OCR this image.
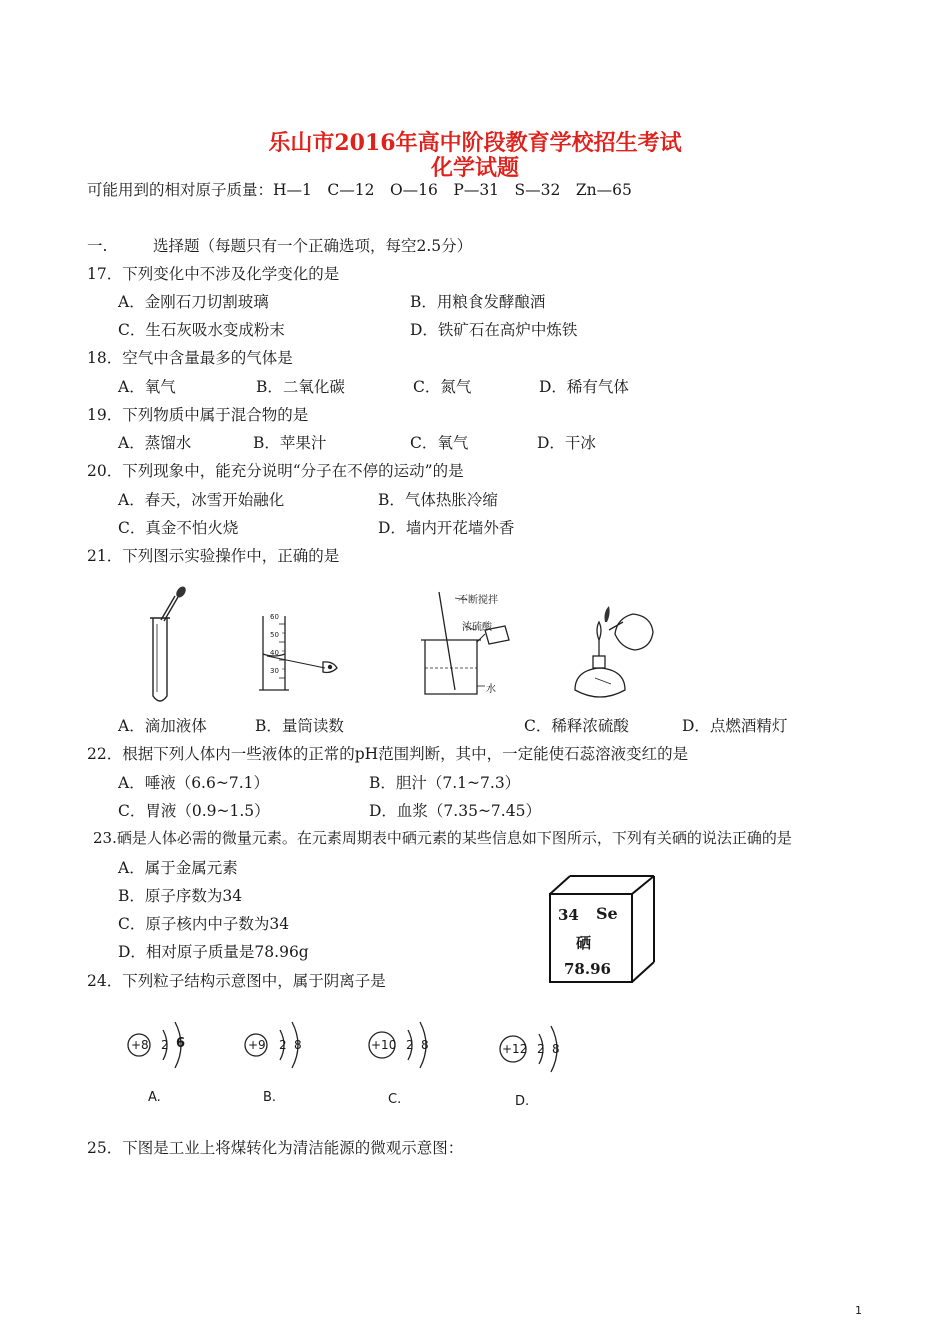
乐山市2016年高中阶段教育学校招生考试
化学试题
可能用到的相对原子质量：H—1　C—12　O—16　P—31　S—32　Zn—65
一.	选择题（每题只有一个正确选项，每空2.5分）
17．下列变化中不涉及化学变化的是
A．金刚石刀切割玻璃	B．用粮食发酵酿酒
C．生石灰吸水变成粉末	D．铁矿石在高炉中炼铁
18．空气中含量最多的气体是
A．氧气	B．二氧化碳	C．氮气	D．稀有气体
19．下列物质中属于混合物的是
A．蒸馏水	B．苹果汁	C．氧气	D．干冰
20．下列现象中，能充分说明“分子在不停的运动”的是
A．春天，冰雪开始融化	B．气体热胀冷缩
C．真金不怕火烧	D．墙内开花墙外香
21．下列图示实验操作中，正确的是
60
50
40
30
不断搅拌
浓硫酸
水
A．滴加液体	B．量筒读数	C．稀释浓硫酸	D．点燃酒精灯
22．根据下列人体内一些液体的正常的pH范围判断，其中，一定能使石蕊溶液变红的是
A．唾液（6.6~7.1）	B．胆汁（7.1~7.3）
C．胃液（0.9~1.5）	D．血浆（7.35~7.45）
23.硒是人体必需的微量元素。在元素周期表中硒元素的某些信息如下图所示，下列有关硒的说法正确的是
A．属于金属元素
B．原子序数为34
C．原子核内中子数为34
D．相对原子质量是78.96g
34 Se
硒
78.96
24．下列粒子结构示意图中，属于阴离子是
+8 2 6
A.
+9 2 8
B.
+10 2 8
C.
+12 2 8
D.
25．下图是工业上将煤转化为清洁能源的微观示意图：
1
